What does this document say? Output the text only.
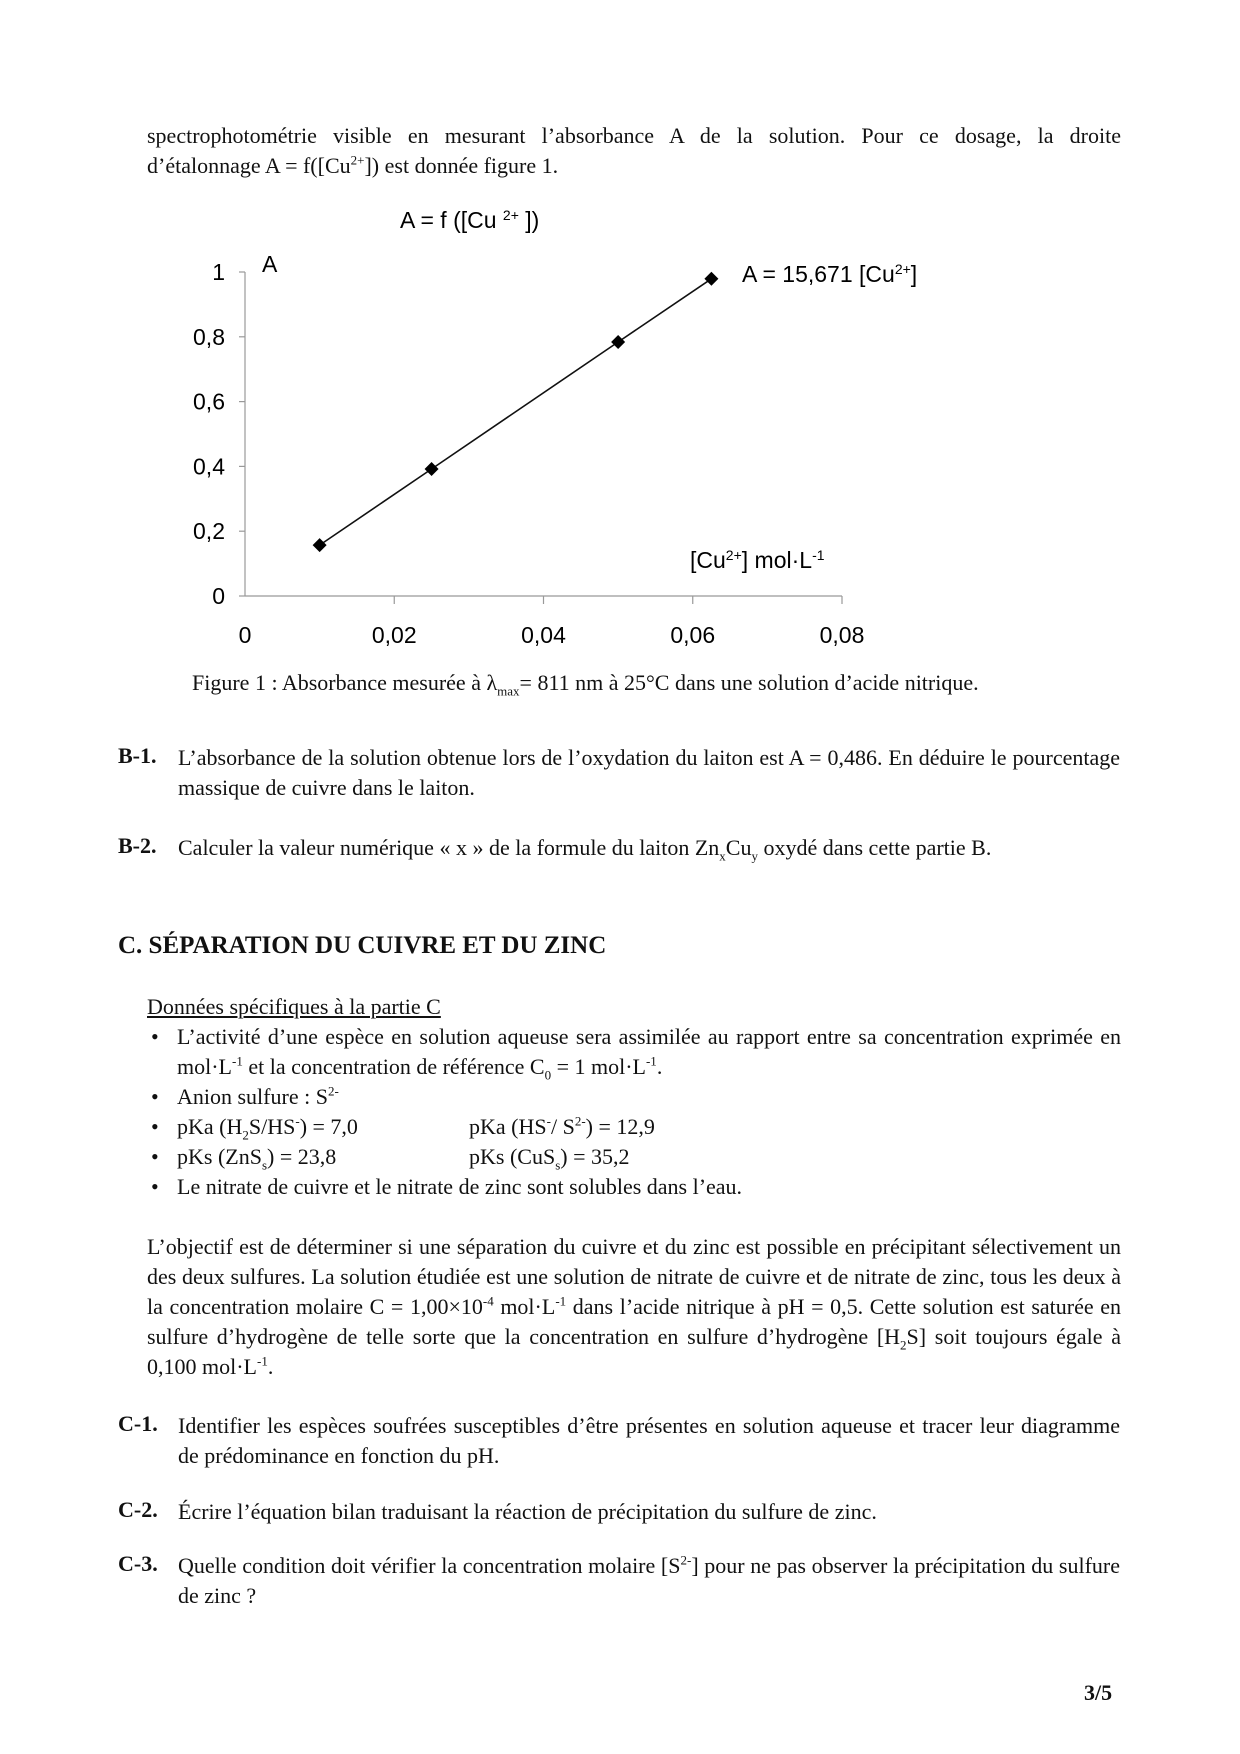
spectrophotométrie visible en mesurant l’absorbance A de la solution. Pour ce dosage, la droite
d’étalonnage $A = f([Cu^{2+}])$ est donnée figure 1.
A = f ([Cu $^{2+}$ ])
A
0
0,2
0,4
0,6
0,8
1
0	0,02	0,04	0,06	0,08
A = 15,671 $[Cu^{2+}]$
$[Cu^{2+}]$ $mol\cdot L^{-1}$
Figure 1 : Absorbance mesurée à $\lambda_{max}= 811$ nm à 25°C dans une solution d’acide nitrique.
B-1. L’absorbance de la solution obtenue lors de l’oxydation du laiton est A = 0,486. En déduire le pourcentage massique de cuivre dans le laiton.
B-2. Calculer la valeur numérique « x » de la formule du laiton $Zn_xCu_y$ oxydé dans cette partie B.
C. SÉPARATION DU CUIVRE ET DU ZINC
Données spécifiques à la partie C
• L’activité d’une espèce en solution aqueuse sera assimilée au rapport entre sa concentration exprimée en $mol\cdot L^{-1}$ et la concentration de référence $C_0 = 1$ $mol\cdot L^{-1}$.
• Anion sulfure : $S^{2-}$
• pKa $(H_2S/HS^-) = 7,0$	pKa (HS-/ $S^{2-}) = 12,9$
• pKs (ZnS$_s$) = 23,8	pKs (CuS$_s$) = 35,2
• Le nitrate de cuivre et le nitrate de zinc sont solubles dans l’eau.
L’objectif est de déterminer si une séparation du cuivre et du zinc est possible en précipitant sélectivement un des deux sulfures. La solution étudiée est une solution de nitrate de cuivre et de nitrate de zinc, tous les deux à la concentration molaire $C = 1,00\times 10^{-4}$ $mol\cdot L^{-1}$ dans l’acide nitrique à pH = 0,5. Cette solution est saturée en sulfure d’hydrogène de telle sorte que la concentration en sulfure d’hydrogène $[H_2S]$ soit toujours égale à 0,100 $mol\cdot L^{-1}$.
C-1. Identifier les espèces soufrées susceptibles d’être présentes en solution aqueuse et tracer leur diagramme de prédominance en fonction du pH.
C-2. Écrire l’équation bilan traduisant la réaction de précipitation du sulfure de zinc.
C-3. Quelle condition doit vérifier la concentration molaire $[S^{2-}]$ pour ne pas observer la précipitation du sulfure de zinc ?
3/5
